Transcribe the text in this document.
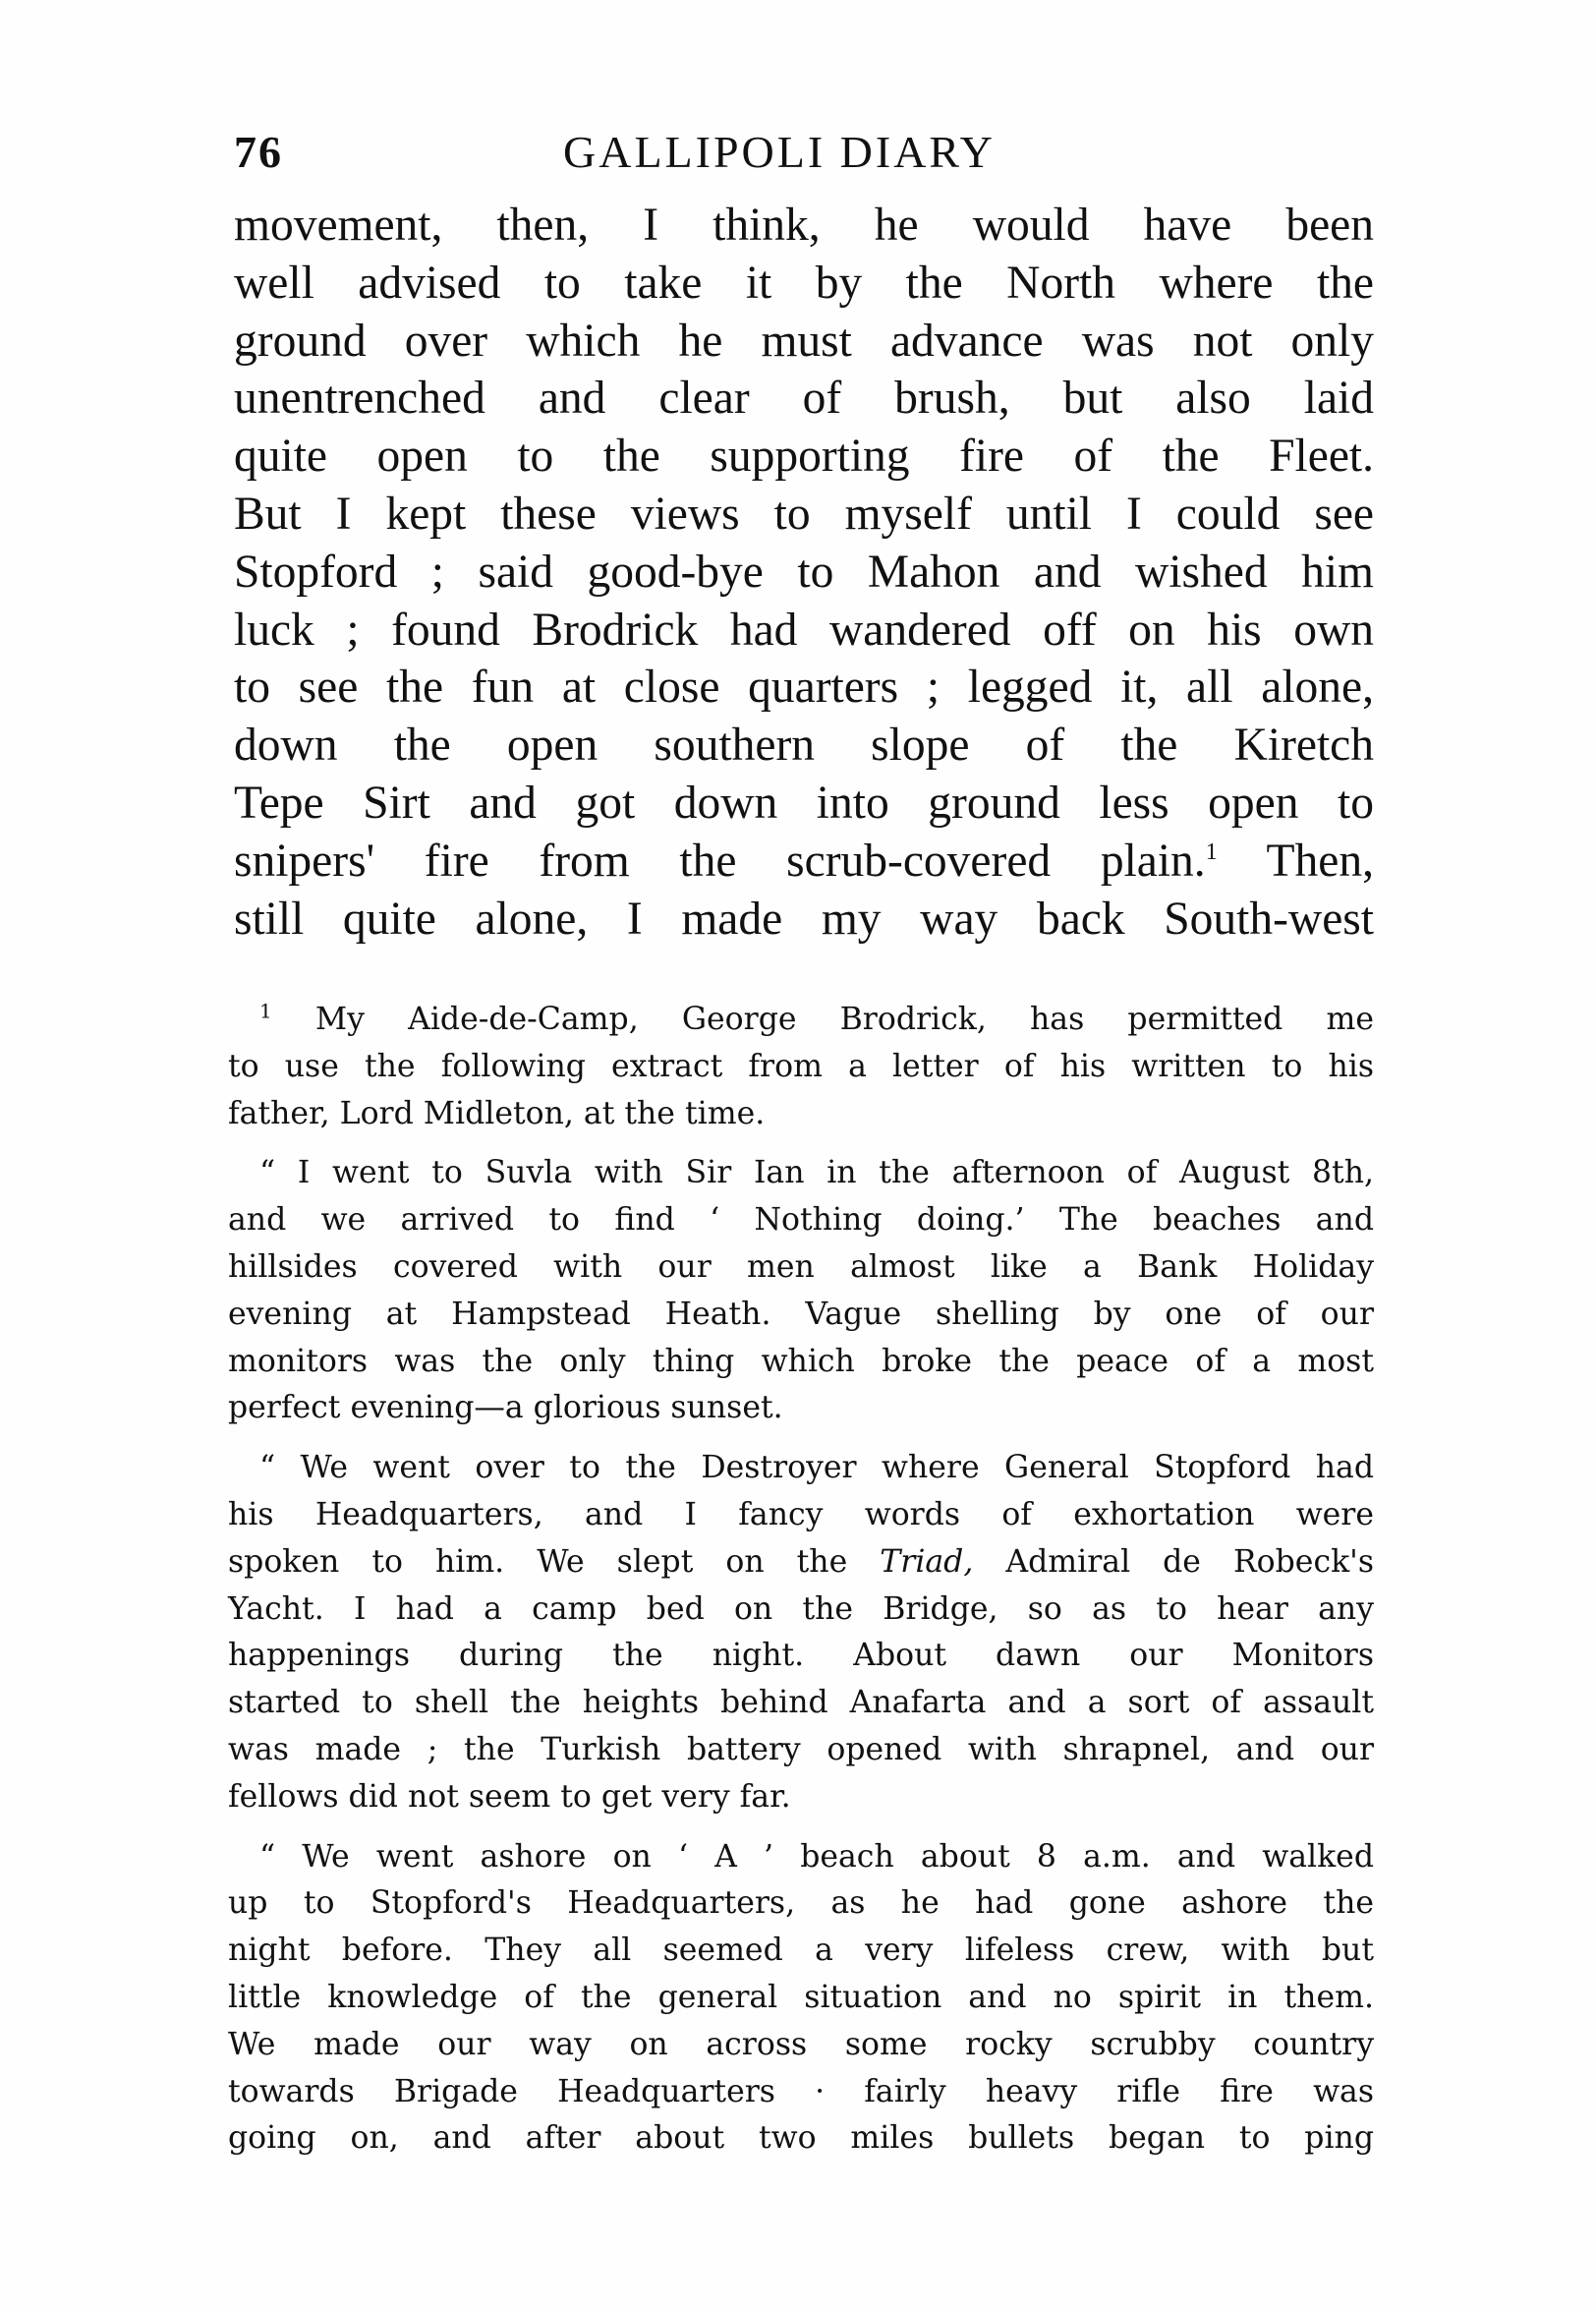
76	GALLIPOLI DIARY
movement, then, I think, he would have been
well advised to take it by the North where the
ground over which he must advance was not only
unentrenched and clear of brush, but also laid
quite open to the supporting fire of the Fleet.
But I kept these views to myself until I could see
Stopford ; said good-bye to Mahon and wished him
luck ; found Brodrick had wandered off on his own
to see the fun at close quarters ; legged it, all alone,
down the open southern slope of the Kiretch
Tepe Sirt and got down into ground less open to
snipers' fire from the scrub-covered plain.$^1$ Then,
still quite alone, I made my way back South-west
$^1$ My Aide-de-Camp, George Brodrick, has permitted me
to use the following extract from a letter of his written to his
father, Lord Midleton, at the time.
“ I went to Suvla with Sir Ian in the afternoon of August 8th,
and we arrived to find ‘ Nothing doing.’ The beaches and
hillsides covered with our men almost like a Bank Holiday
evening at Hampstead Heath. Vague shelling by one of our
monitors was the only thing which broke the peace of a most
perfect evening—a glorious sunset.
“ We went over to the Destroyer where General Stopford had
his Headquarters, and I fancy words of exhortation were
spoken to him. We slept on the Triad, Admiral de Robeck's
Yacht. I had a camp bed on the Bridge, so as to hear any
happenings during the night. About dawn our Monitors
started to shell the heights behind Anafarta and a sort of assault
was made ; the Turkish battery opened with shrapnel, and our
fellows did not seem to get very far.
“ We went ashore on ‘ A ’ beach about 8 a.m. and walked
up to Stopford's Headquarters, as he had gone ashore the
night before. They all seemed a very lifeless crew, with but
little knowledge of the general situation and no spirit in them.
We made our way on across some rocky scrubby country
towards Brigade Headquarters · fairly heavy rifle fire was
going on, and after about two miles bullets began to ping
